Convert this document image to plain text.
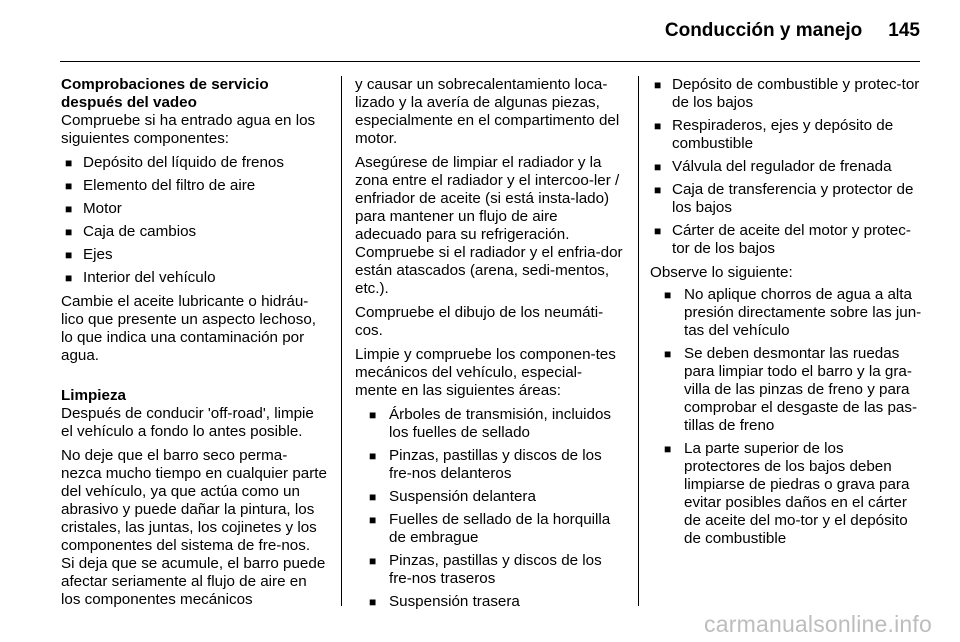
Conducción y manejo 145
Comprobaciones de servicio
después del vadeo

Compruebe si ha entrado agua en los siguientes componentes:

■ Depósito del líquido de frenos
■ Elemento del filtro de aire
■ Motor
■ Caja de cambios
■ Ejes
■ Interior del vehículo

Cambie el aceite lubricante o hidráu-lico que presente un aspecto lechoso, lo que indica una contaminación por agua.

Limpieza

Después de conducir 'off-road', limpie el vehículo a fondo lo antes posible.

No deje que el barro seco perma-nezca mucho tiempo en cualquier parte del vehículo, ya que actúa como un abrasivo y puede dañar la pintura, los cristales, las juntas, los cojinetes y los componentes del sistema de fre-nos. Si deja que se acumule, el barro puede afectar seriamente al flujo de aire en los componentes mecánicos

y causar un sobrecalentamiento loca-lizado y la avería de algunas piezas, especialmente en el compartimento del motor.

Asegúrese de limpiar el radiador y la zona entre el radiador y el intercoo-ler / enfriador de aceite (si está insta-lado) para mantener un flujo de aire adecuado para su refrigeración. Compruebe si el radiador y el enfria-dor están atascados (arena, sedi-mentos, etc.).

Compruebe el dibujo de los neumáti-cos.

Limpie y compruebe los componen-tes mecánicos del vehículo, especial-mente en las siguientes áreas:

■ Árboles de transmisión, incluidos los fuelles de sellado
■ Pinzas, pastillas y discos de los fre-nos delanteros
■ Suspensión delantera
■ Fuelles de sellado de la horquilla de embrague
■ Pinzas, pastillas y discos de los fre-nos traseros
■ Suspensión trasera
■ Depósito de combustible y protec-tor de los bajos
■ Respiraderos, ejes y depósito de combustible
■ Válvula del regulador de frenada
■ Caja de transferencia y protector de los bajos
■ Cárter de aceite del motor y protec-tor de los bajos

Observe lo siguiente:

■ No aplique chorros de agua a alta presión directamente sobre las jun-tas del vehículo
■ Se deben desmontar las ruedas para limpiar todo el barro y la gra-villa de las pinzas de freno y para comprobar el desgaste de las pas-tillas de freno
■ La parte superior de los protectores de los bajos deben limpiarse de piedras o grava para evitar posibles daños en el cárter de aceite del mo-tor y el depósito de combustible
carmanualsonline.info
